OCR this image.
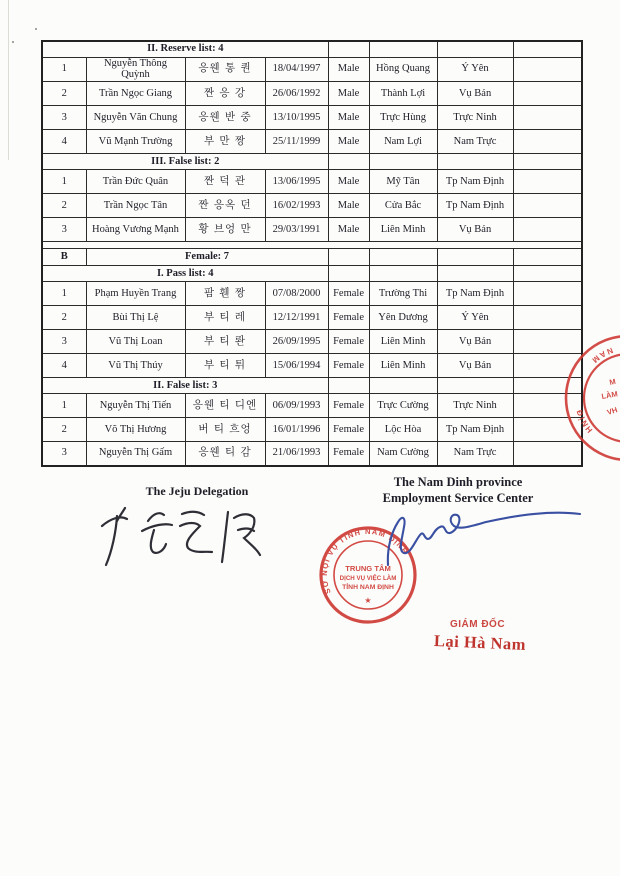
II. Reserve list: 4							
1	Nguyễn Thông Quỳnh	응웬 통 퀀	18/04/1997	Male	Hồng Quang	Ý Yên	
2	Trần Ngọc Giang	짠 응 강	26/06/1992	Male	Thành Lợi	Vụ Bản	
3	Nguyễn Văn Chung	응웬 반 중	13/10/1995	Male	Trực Hùng	Trực Ninh	
4	Vũ Mạnh Trường	부 만 짱	25/11/1999	Male	Nam Lợi	Nam Trực	
III. False list: 2							
1	Trần Đức Quân	짠 덕 관	13/06/1995	Male	Mỹ Tân	Tp Nam Định	
2	Trần Ngọc Tân	짠 응옥 던	16/02/1993	Male	Cửa Bắc	Tp Nam Định	
3	Hoàng Vương Mạnh	황 브엉 만	29/03/1991	Male	Liên Minh	Vụ Bản	

B	Female: 7						
I. Pass list: 4							
1	Phạm Huyền Trang	팜 휀 짱	07/08/2000	Female	Trường Thi	Tp Nam Định	
2	Bùi Thị Lệ	부 티 레	12/12/1991	Female	Yên Dương	Ý Yên	
3	Vũ Thị Loan	부 티 롼	26/09/1995	Female	Liên Minh	Vụ Bản	
4	Vũ Thị Thúy	부 티 튀	15/06/1994	Female	Liên Minh	Vụ Bản	
II. False list: 3							
1	Nguyễn Thị Tiến	응웬 티 디엔	06/09/1993	Female	Trực Cường	Trực Ninh	
2	Võ Thị Hương	버 티 흐엉	16/01/1996	Female	Lộc Hòa	Tp Nam Định	
3	Nguyễn Thị Gấm	응웬 티 감	21/06/1993	Female	Nam Cường	Nam Trực	
The Jeju Delegation
The Nam Dinh province
Employment Service Center
SỞ NỘI VỤ TỈNH NAM ĐỊNH
TRUNG TÂM
DỊCH VỤ VIỆC LÀM
TỈNH NAM ĐỊNH
★
NAM
ĐỊNH
M
LÀM
VH
GIÁM ĐỐC
Lại Hà Nam
